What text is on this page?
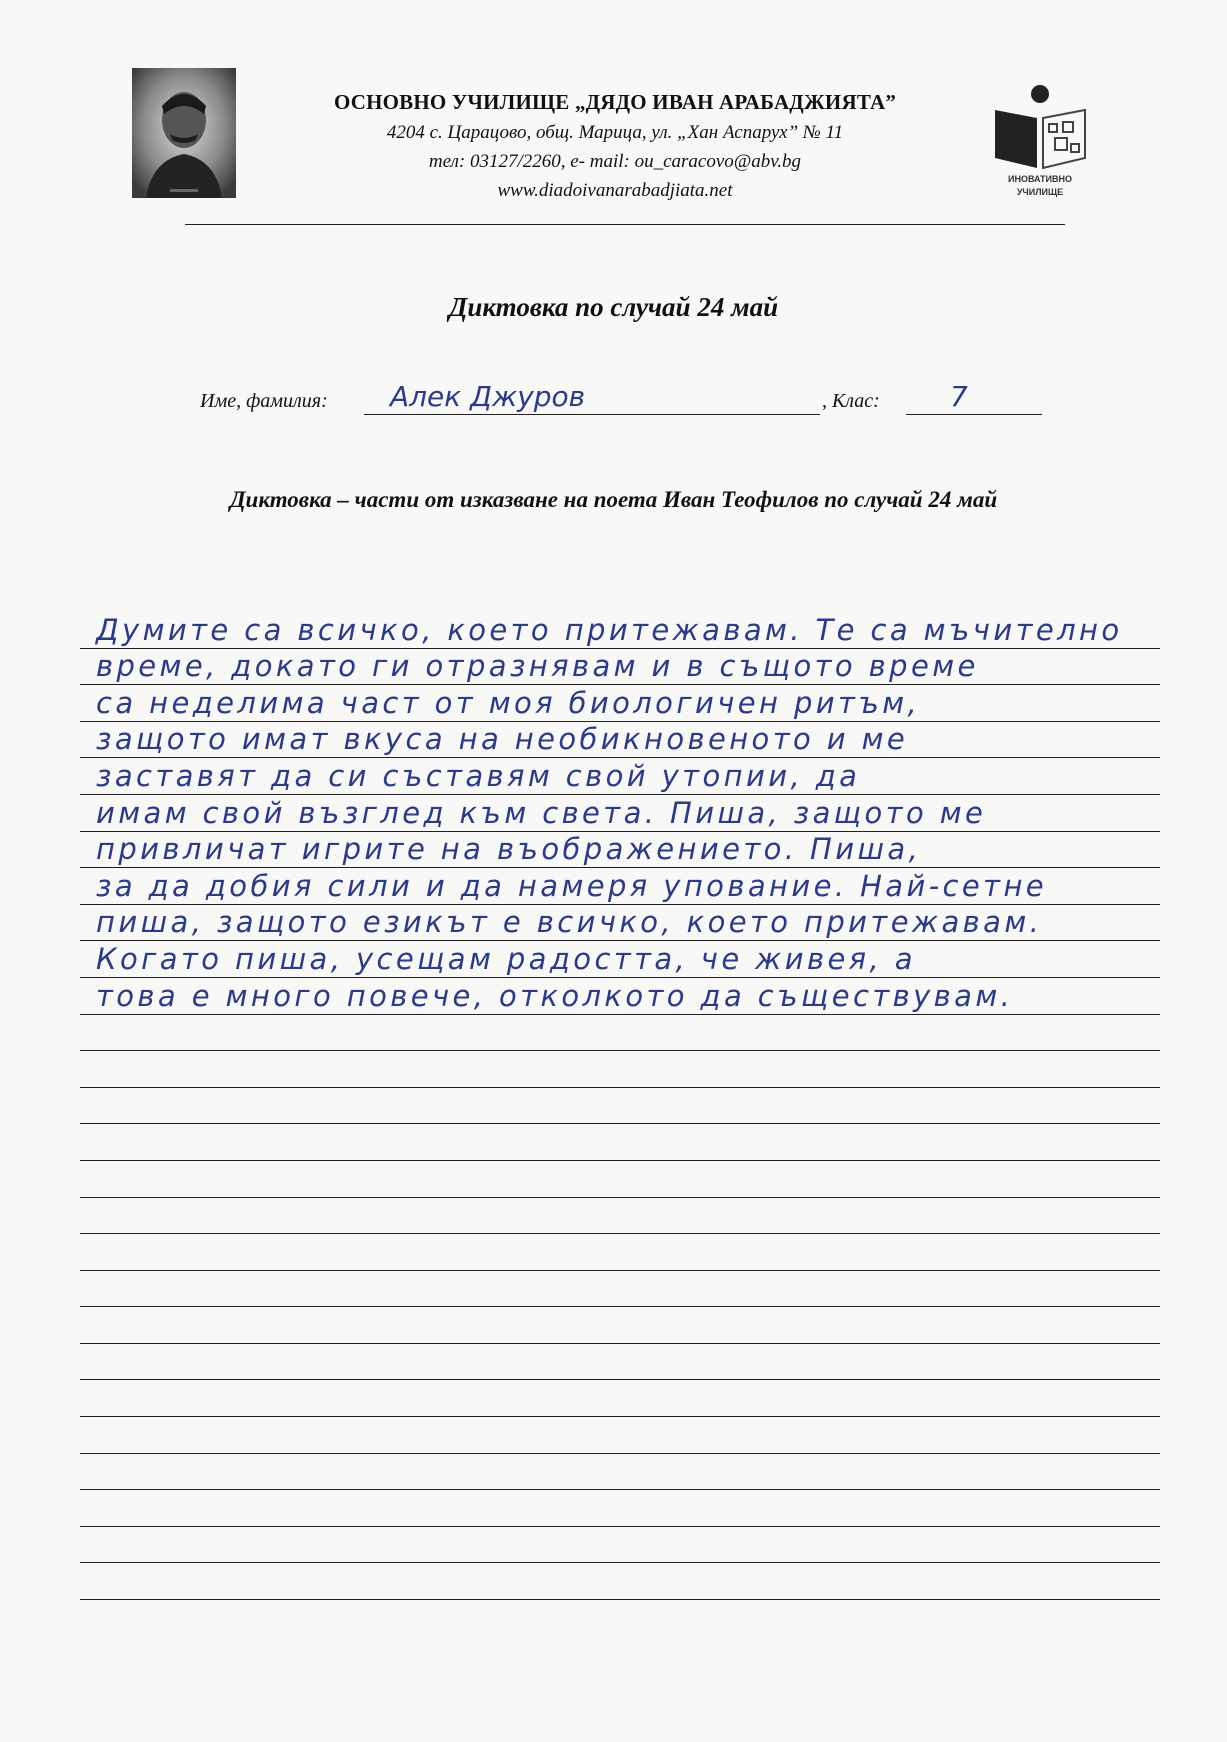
ОСНОВНО УЧИЛИЩЕ „ДЯДО ИВАН АРАБАДЖИЯТА”

4204 с. Царацово, общ. Марица, ул. „Хан Аспарух” № 11

тел: 03127/2260, e- mail: ou_caracovo@abv.bg

www.diadoivanarabadjiata.net

ИНОВАТИВНО
УЧИЛИЩЕ
Диктовка по случай 24 май
Име, фамилия: Алек Джуров	, Клас:	7
Диктовка – части от изказване на поета Иван Теофилов по случай 24 май
Думите са всичко, което притежавам. Те са мъчително
време, докато ги отразнявам и в същото време
са неделима част от моя биологичен ритъм,
защото имат вкуса на необикновеното и ме
заставят да си съставям свой утопии, да
имам свой възглед към света. Пиша, защото ме
привличат игрите на въображението. Пиша,
за да добия сили и да намеря упование. Най-сетне
пиша, защото езикът е всичко, което притежавам.
Когато пиша, усещам радостта, че живея, а
това е много повече, отколкото да съществувам.
